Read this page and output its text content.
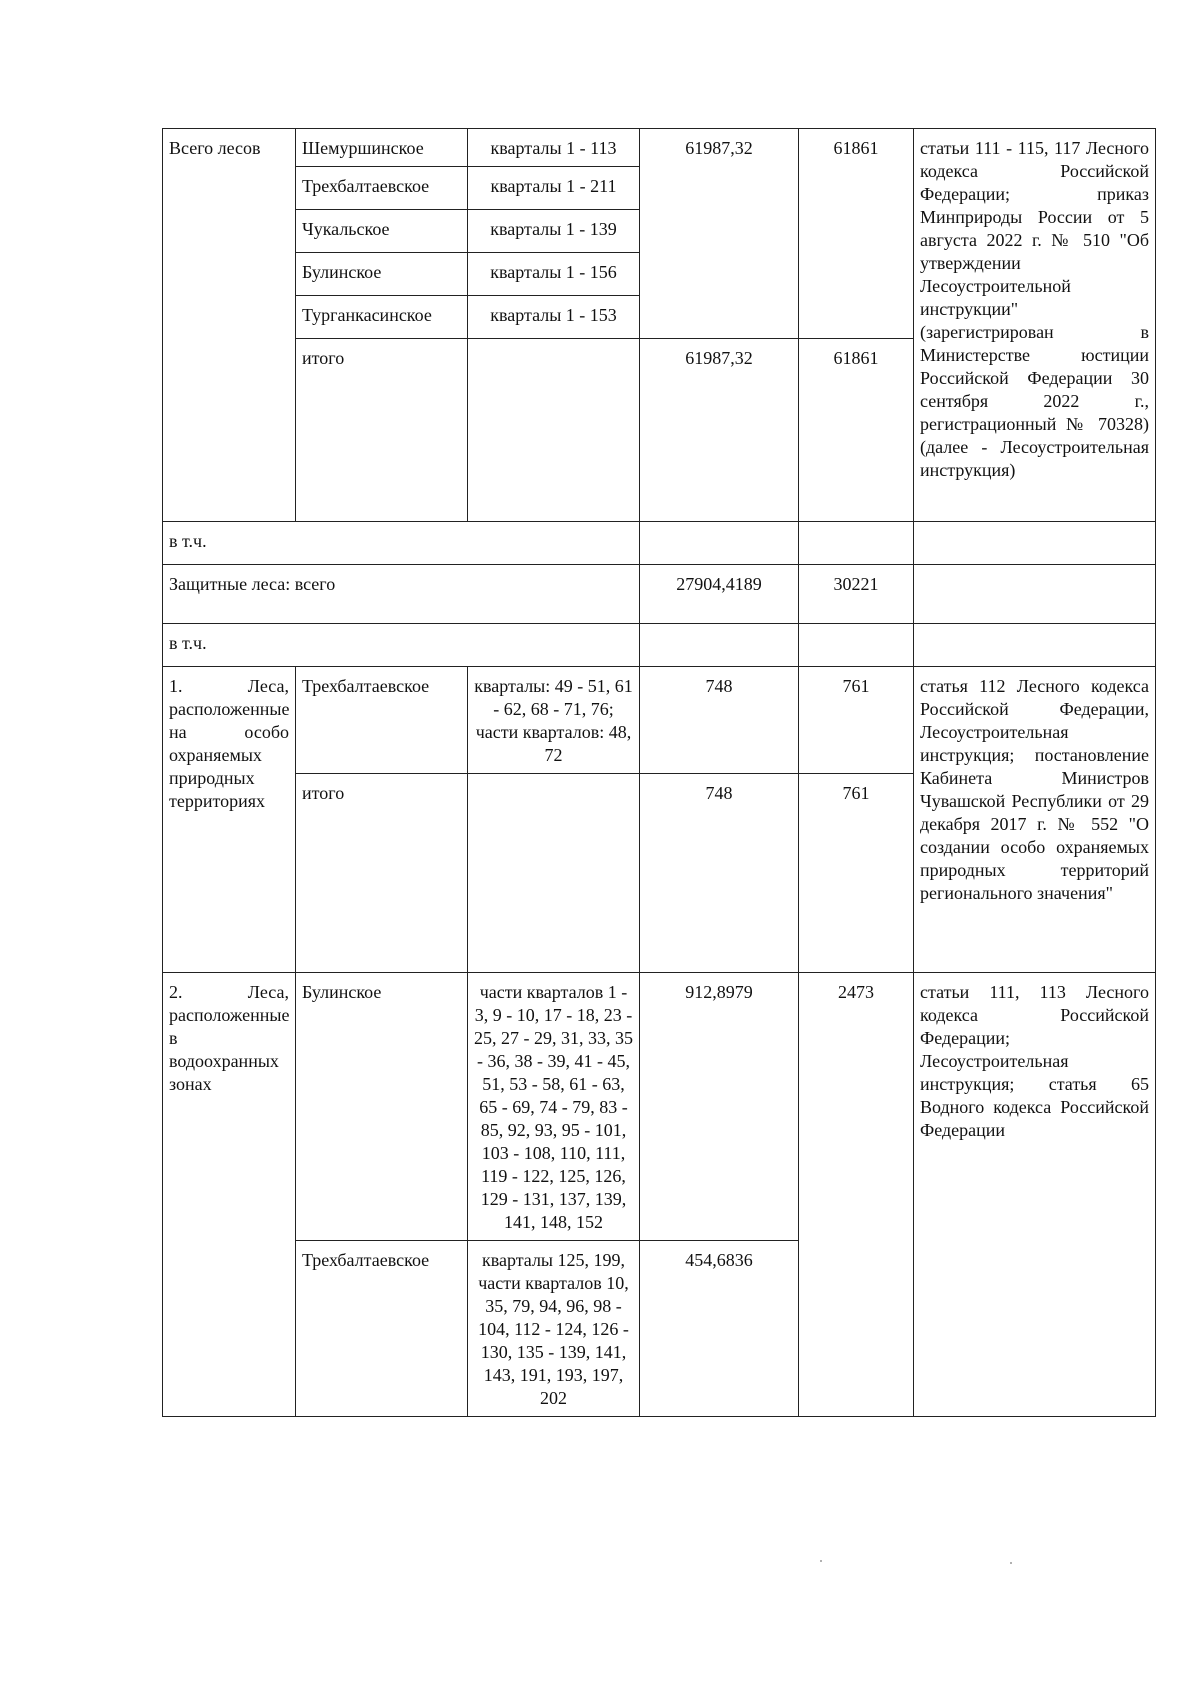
Всего лесов	Шемуршинское	кварталы 1 - 113	61987,32	61861	статьи 111 - 115, 117 Лесного кодекса Российской Федерации; приказ Минприроды России от 5 августа 2022 г. № 510 "Об утверждении Лесоустроительной инструкции" (зарегистрирован в Министерстве юстиции Российской Федерации 30 сентября 2022 г., регистрационный № 70328) (далее - Лесоустроительная инструкция)
	Трехбалтаевское	кварталы 1 - 211			
	Чукальское	кварталы 1 - 139			
	Булинское	кварталы 1 - 156			
	Турганкасинское	кварталы 1 - 153			
	итого		61987,32	61861	
в т.ч.					
Защитные леса: всего			27904,4189	30221	
в т.ч.					
1. Леса, расположенные на особо охраняемых природных территориях	Трехбалтаевское	кварталы: 49 - 51, 61 - 62, 68 - 71, 76; части кварталов: 48, 72	748	761	статья 112 Лесного кодекса Российской Федерации, Лесоустроительная инструкция; постановление Кабинета Министров Чувашской Республики от 29 декабря 2017 г. № 552 "О создании особо охраняемых природных территорий регионального значения"
	итого		748	761	
2. Леса, расположенные в водоохранных зонах	Булинское	части кварталов 1 - 3, 9 - 10, 17 - 18, 23 - 25, 27 - 29, 31, 33, 35 - 36, 38 - 39, 41 - 45, 51, 53 - 58, 61 - 63, 65 - 69, 74 - 79, 83 - 85, 92, 93, 95 - 101, 103 - 108, 110, 111, 119 - 122, 125, 126, 129 - 131, 137, 139, 141, 148, 152	912,8979	2473	статьи 111, 113 Лесного кодекса Российской Федерации; Лесоустроительная инструкция; статья 65 Водного кодекса Российской Федерации
	Трехбалтаевское	кварталы 125, 199, части кварталов 10, 35, 79, 94, 96, 98 - 104, 112 - 124, 126 - 130, 135 - 139, 141, 143, 191, 193, 197, 202	454,6836		
